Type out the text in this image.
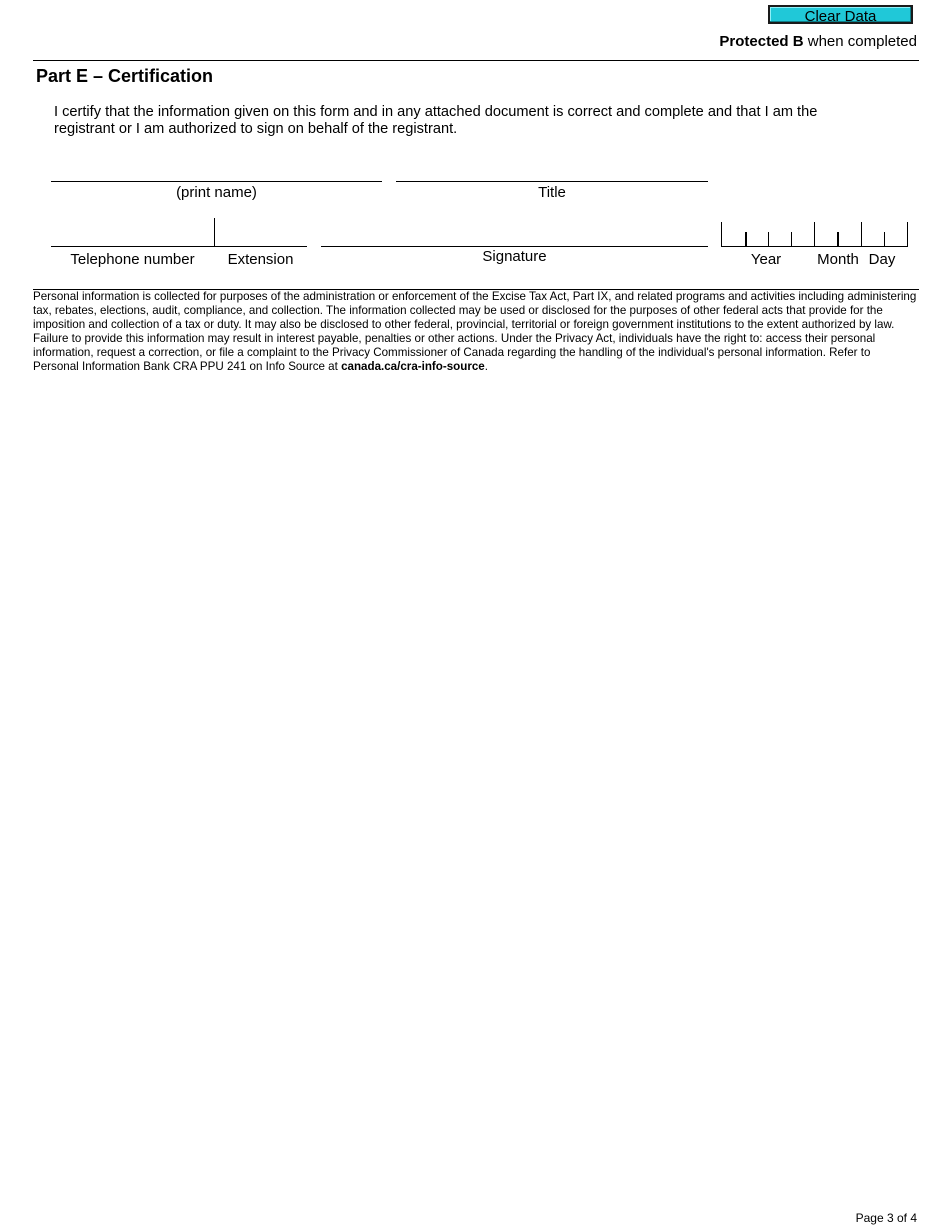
Clear Data
Protected B when completed
Part E – Certification
I certify that the information given on this form and in any attached document is correct and complete and that I am the registrant or I am authorized to sign on behalf of the registrant.
(print name)	Title
Telephone number	Extension	Signature	Year	Month Day
Personal information is collected for purposes of the administration or enforcement of the Excise Tax Act, Part IX, and related programs and activities including administering tax, rebates, elections, audit, compliance, and collection. The information collected may be used or disclosed for the purposes of other federal acts that provide for the imposition and collection of a tax or duty. It may also be disclosed to other federal, provincial, territorial or foreign government institutions to the extent authorized by law. Failure to provide this information may result in interest payable, penalties or other actions. Under the Privacy Act, individuals have the right to: access their personal information, request a correction, or file a complaint to the Privacy Commissioner of Canada regarding the handling of the individual's personal information. Refer to Personal Information Bank CRA PPU 241 on Info Source at canada.ca/cra-info-source.
Page 3 of 4
